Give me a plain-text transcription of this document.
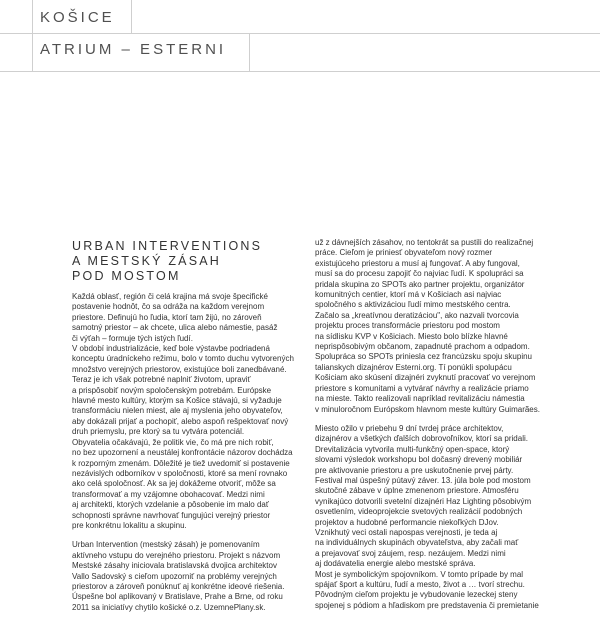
KOŠICE
ATRIUM – ESTERNI
URBAN INTERVENTIONS
A MESTSKÝ ZÁSAH
POD MOSTOM

Každá oblasť, región či celá krajina má svoje špecifické
postavenie hodnôt, čo sa odráža na každom verejnom
priestore. Definujú ho ľudia, ktorí tam žijú, no zároveň
samotný priestor – ak chcete, ulica alebo námestie, pasáž
či výťah – formuje tých istých ľudí.
V období industrializácie, keď bole výstavbe podriadená
konceptu úradníckeho režimu, bolo v tomto duchu vytvorených
množstvo verejných priestorov, existujúce boli zanedbávané.
Teraz je ich však potrebné naplniť životom, upraviť
a prispôsobiť novým spoločenským potrebám. Európske
hlavné mesto kultúry, ktorým sa Košice stávajú, si vyžaduje
transformáciu nielen miest, ale aj myslenia jeho obyvateľov,
aby dokázali prijať a pochopiť, alebo aspoň rešpektovať nový
druh priemyslu, pre ktorý sa tu vytvára potenciál.
Obyvatelia očakávajú, že politik vie, čo má pre nich robiť,
no bez upozornení a neustálej konfrontácie názorov dochádza
k rozporným zmenám. Dôležité je tiež uvedomiť si postavenie
nezávislých odborníkov v spoločnosti, ktoré sa mení rovnako
ako celá spoločnosť. Ak sa jej dokážeme otvoriť, môže sa
transformovať a my vzájomne obohacovať. Medzi nimi
aj architekti, ktorých vzdelanie a pôsobenie im malo dať
schopnosti správne navrhovať fungujúci verejný priestor
pre konkrétnu lokalitu a skupinu.

Urban Intervention (mestský zásah) je pomenovaním
aktívneho vstupu do verejného priestoru. Projekt s názvom
Mestské zásahy iniciovala bratislavská dvojica architektov
Vallo Sadovský s cieľom upozorniť na problémy verejných
priestorov a zároveň ponúknuť aj konkrétne ideové riešenia.
Úspešne bol aplikovaný v Bratislave, Prahe a Brne, od roku
2011 sa iniciatívy chytilo košické o.z. UzemnePlany.sk.

už z dávnejších zásahov, no tentokrát sa pustili do realizačnej
práce. Cieľom je priniesť obyvateľom nový rozmer
existujúceho priestoru a musí aj fungovať. A aby fungoval,
musí sa do procesu zapojiť čo najviac ľudí. K spolupráci sa
pridala skupina zo SPOTs ako partner projektu, organizátor
komunitných centier, ktorí má v Košiciach asi najviac
spoločného s aktivizáciou ľudí mimo mestského centra.
Začalo sa „kreatívnou deratizáciou", ako nazvali tvorcovia
projektu proces transformácie priestoru pod mostom
na sídlisku KVP v Košiciach. Miesto bolo blízke hlavné
neprispôsobivým občanom, zapadnuté prachom a odpadom.
Spolupráca so SPOTs priniesla cez francúzsku spoju skupinu
talianskych dizajnérov Esterni.org. Tí ponúkli spolupácu
Košiciam ako skúsení dizajnéri zvyknutí pracovať vo verejnom
priestore s komunitami a vytvárať návrhy a realizácie priamo
na mieste. Takto realizovali napríklad revitalizáciu námestia
v minuloročnom Európskom hlavnom meste kultúry Guimarães.

Miesto ožilo v priebehu 9 dní tvrdej práce architektov,
dizajnérov a všetkých ďalších dobrovoľníkov, ktorí sa pridali.
Drevitalizácia vytvorila multi-funkčný open-space, ktorý
slovami výsledok workshopu bol dočasný drevený mobiliár
pre aktivovanie priestoru a pre uskutočnenie prvej párty.
Festival mal úspešný pútavý záver. 13. júla bole pod mostom
skutočné zábave v úplne zmenenom priestore. Atmosféru
vynikajúco dotvorili svetelní dizajnéri Haz Lighting pôsobivým
osvetlením, videoprojekcie svetových realizácií podobných
projektov a hudobné performancie niekoľkých DJov.
Vznikhutý veci ostali napospas verejnosti, je teda aj
na individuálnych skupinách obyvateľstva, aby začali mať
a prejavovať svoj záujem, resp. nezáujem. Medzi nimi
aj dodávatelia energie alebo mestské správa.
Most je symbolickým spojovníkom. V tomto prípade by mal
spájať šport a kultúru, ľudí a mesto, život a … tvorí strechu.
Pôvodným cieľom projektu je vybudovanie lezeckej steny
spojenej s pódiom a hľadiskom pre predstavenia či premietanie
